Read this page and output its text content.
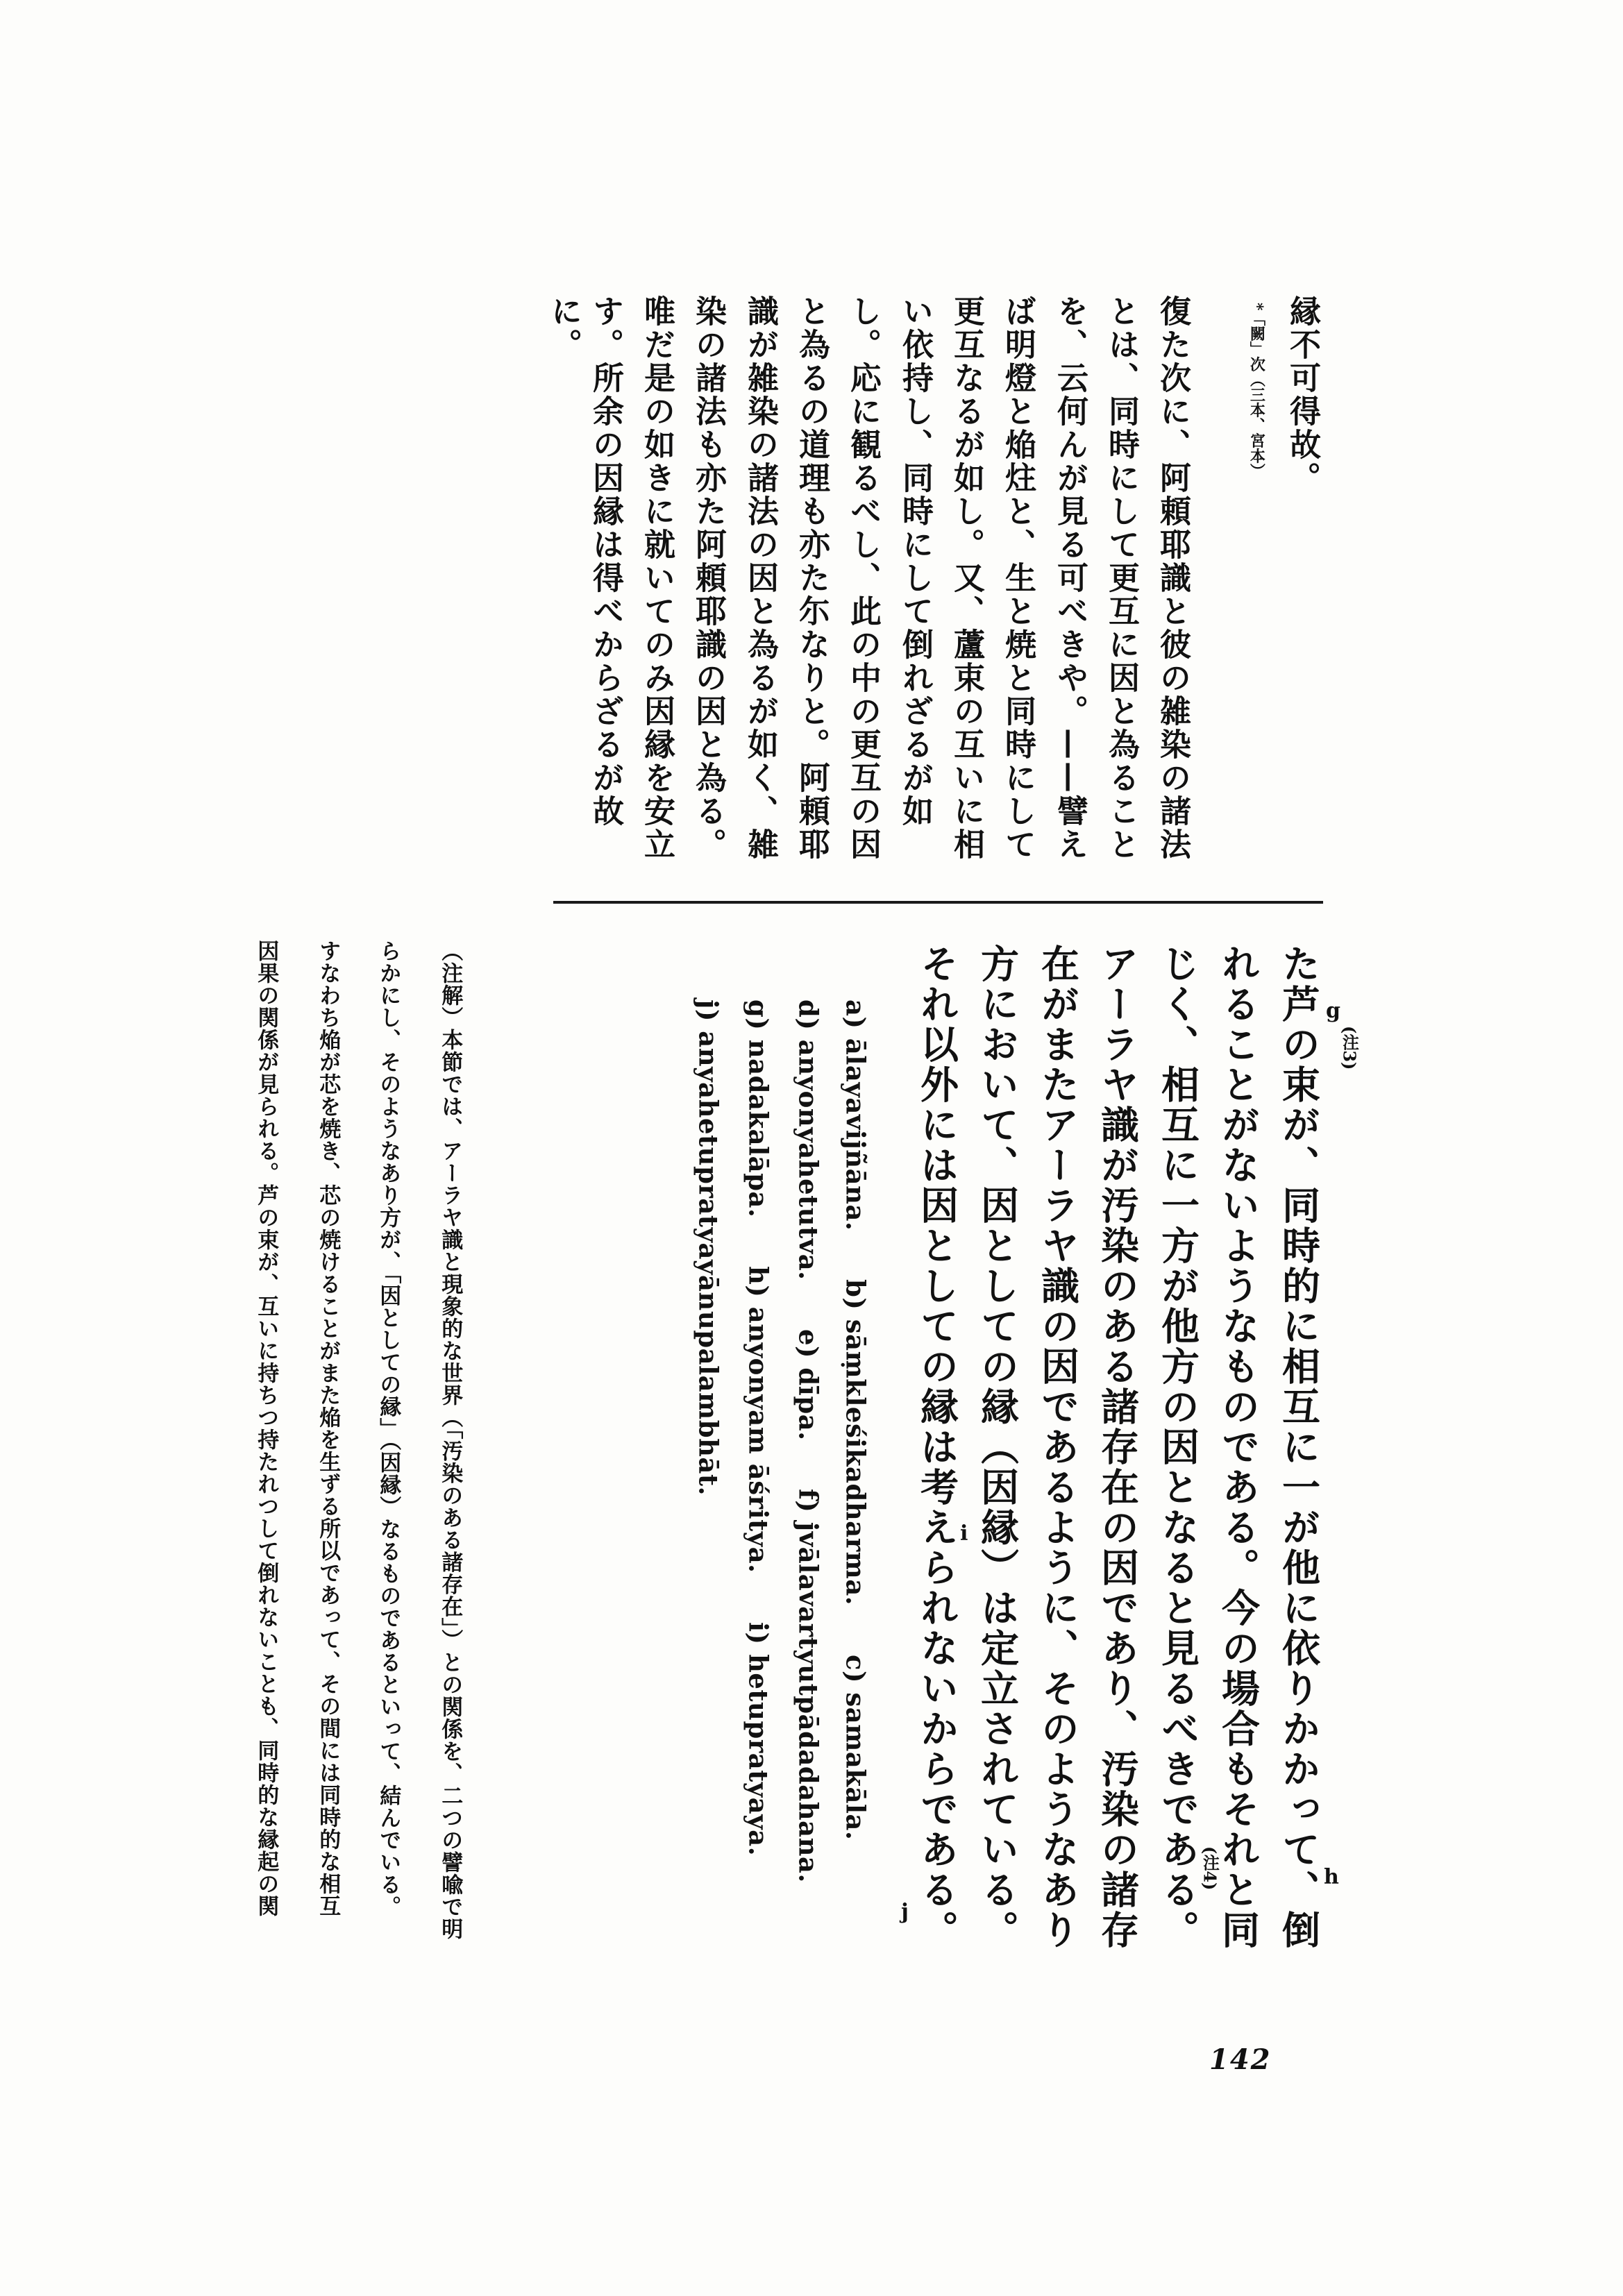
縁不可得故。
*「闕」次（三本、宮本）
復た次に、阿頼耶識と彼の雑染の諸法
とは、同時にして更互に因と為ること
を、云何んが見る可べきや。——譬え
ば明燈と焔炷と、生と焼と同時にして
更互なるが如し。又、蘆束の互いに相
い依持し、同時にして倒れざるが如
し。応に観るべし、此の中の更互の因
と為るの道理も亦た尓なりと。阿頼耶
識が雑染の諸法の因と為るが如く、雑
染の諸法も亦た阿頼耶識の因と為る。
唯だ是の如きに就いてのみ因縁を安立
す。所余の因縁は得べからざるが故
に。
た芦の束が、同時的に相互に一が他に依りかかって、倒
れることがないようなものである。今の場合もそれと同
じく、相互に一方が他方の因となると見るべきである。
アーラヤ識が汚染のある諸存在の因であり、汚染の諸存
在がまたアーラヤ識の因であるように、そのようなあり
方において、因としての縁（因縁）は定立されている。
それ以外には因としての縁は考えられないからである。	g
(注3)
h
(注4)
i
j
a) ālayavijñāna.b) sāṃkleśikadharma.c) samakāla.
d) anyonyahetutva.e) dīpa.f) jvālavartyutpādadahana.
g) nadakalāpa.h) anyonyam āśritya.i) hetupratyaya.
j) anyahetupratyayānupalambhāt.
（注解）本節では、アーラヤ識と現象的な世界（「汚染のある諸存在」）との関係を、二つの譬喩で明
らかにし、そのようなあり方が、「因としての縁」（因縁）なるものであるといって、結んでいる。
すなわち焔が芯を焼き、芯の焼けることがまた焔を生ずる所以であって、その間には同時的な相互
因果の関係が見られる。芦の束が、互いに持ちつ持たれつして倒れないことも、同時的な縁起の関
142
